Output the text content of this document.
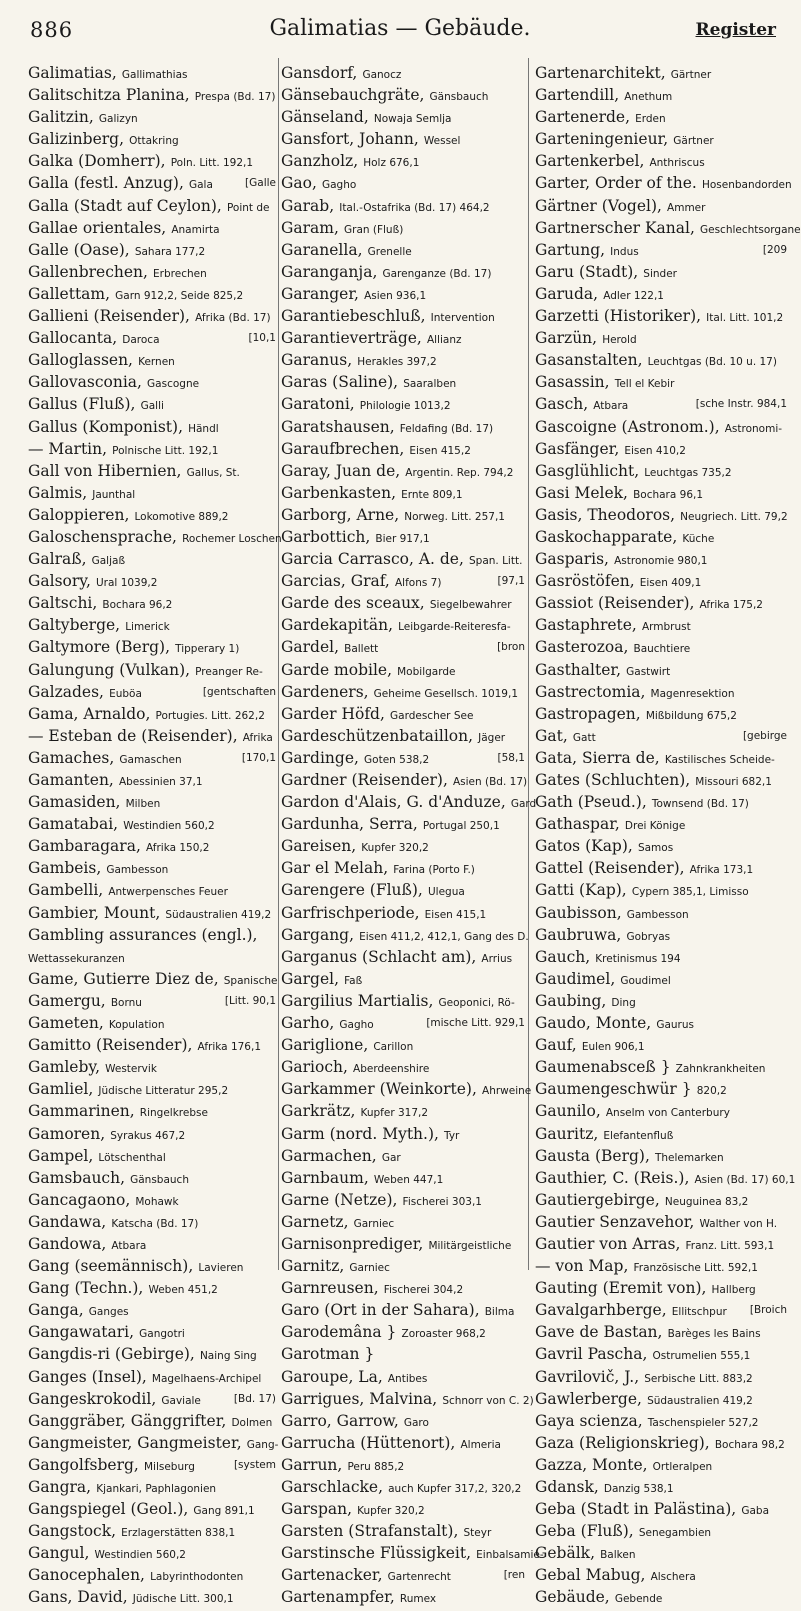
886	Galimatias — Gebäude.	Register
Galimatias, Gallimathias
Galitschitza Planina, Prespa (Bd. 17)
Galitzin, Galizyn
Galizinberg, Ottakring
Galka (Domherr), Poln. Litt. 192,1
[Galle
Galla (festl. Anzug), Gala
Galla (Stadt auf Ceylon), Point de
Gallae orientales, Anamirta
Galle (Oase), Sahara 177,2
Gallenbrechen, Erbrechen
Gallettam, Garn 912,2, Seide 825,2
Gallieni (Reisender), Afrika (Bd. 17)
[10,1
Gallocanta, Daroca
Galloglassen, Kernen
Gallovasconia, Gascogne
Gallus (Fluß), Galli
Gallus (Komponist), Händl
— Martin, Polnische Litt. 192,1
Gall von Hibernien, Gallus, St.
Galmis, Jaunthal
Galoppieren, Lokomotive 889,2
Galoschensprache, Rochemer Loschen
Galraß, Galjaß
Galsory, Ural 1039,2
Galtschi, Bochara 96,2
Galtyberge, Limerick
Galtymore (Berg), Tipperary 1)
Galungung (Vulkan), Preanger Re-
[gentschaften
Galzades, Euböa
Gama, Arnaldo, Portugies. Litt. 262,2
— Esteban de (Reisender), Afrika
[170,1
Gamaches, Gamaschen
Gamanten, Abessinien 37,1
Gamasiden, Milben
Gamatabai, Westindien 560,2
Gambaragara, Afrika 150,2
Gambeis, Gambesson
Gambelli, Antwerpensches Feuer
Gambier, Mount, Südaustralien 419,2
Gambling assurances (engl.),
Wettassekuranzen
Game, Gutierre Diez de, Spanische
[Litt. 90,1
Gamergu, Bornu
Gameten, Kopulation
Gamitto (Reisender), Afrika 176,1
Gamleby, Westervik
Gamliel, Jüdische Litteratur 295,2
Gammarinen, Ringelkrebse
Gamoren, Syrakus 467,2
Gampel, Lötschenthal
Gamsbauch, Gänsbauch
Gancagaono, Mohawk
Gandawa, Katscha (Bd. 17)
Gandowa, Atbara
Gang (seemännisch), Lavieren
Gang (Techn.), Weben 451,2
Ganga, Ganges
Gangawatari, Gangotri
Gangdis-ri (Gebirge), Naing Sing
Ganges (Insel), Magelhaens-Archipel
[Bd. 17)
Gangeskrokodil, Gaviale
Ganggräber, Gänggrifter, Dolmen
Gangmeister, Gangmeister, Gang-
[system
Gangolfsberg, Milseburg
Gangra, Kjankari, Paphlagonien
Gangspiegel (Geol.), Gang 891,1
Gangstock, Erzlagerstätten 838,1
Gangul, Westindien 560,2
Ganocephalen, Labyrinthodonten
Gans, David, Jüdische Litt. 300,1
Gansdorf, Ganocz
Gänsebauchgräte, Gänsbauch
Gänseland, Nowaja Semlja
Gansfort, Johann, Wessel
Ganzholz, Holz 676,1
Gao, Gagho
Garab, Ital.-Ostafrika (Bd. 17) 464,2
Garam, Gran (Fluß)
Garanella, Grenelle
Garanganja, Garenganze (Bd. 17)
Garanger, Asien 936,1
Garantiebeschluß, Intervention
Garantieverträge, Allianz
Garanus, Herakles 397,2
Garas (Saline), Saaralben
Garatoni, Philologie 1013,2
Garatshausen, Feldafing (Bd. 17)
Garaufbrechen, Eisen 415,2
Garay, Juan de, Argentin. Rep. 794,2
Garbenkasten, Ernte 809,1
Garborg, Arne, Norweg. Litt. 257,1
Garbottich, Bier 917,1
Garcia Carrasco, A. de, Span. Litt.
[97,1
Garcias, Graf, Alfons 7)
Garde des sceaux, Siegelbewahrer
Gardekapitän, Leibgarde-Reiteresfa-
[bron
Gardel, Ballett
Garde mobile, Mobilgarde
Gardeners, Geheime Gesellsch. 1019,1
Garder Höfd, Gardescher See
Gardeschützenbataillon, Jäger
[58,1
Gardinge, Goten 538,2
Gardner (Reisender), Asien (Bd. 17)
Gardon d'Alais, G. d'Anduze, Gard
Gardunha, Serra, Portugal 250,1
Gareisen, Kupfer 320,2
Gar el Melah, Farina (Porto F.)
Garengere (Fluß), Ulegua
Garfrischperiode, Eisen 415,1
Gargang, Eisen 411,2, 412,1, Gang des D.
Garganus (Schlacht am), Arrius
Gargel, Faß
Gargilius Martialis, Geoponici, Rö-
[mische Litt. 929,1
Garho, Gagho
Gariglione, Carillon
Garioch, Aberdeenshire
Garkammer (Weinkorte), Ahrweine
Garkrätz, Kupfer 317,2
Garm (nord. Myth.), Tyr
Garmachen, Gar
Garnbaum, Weben 447,1
Garne (Netze), Fischerei 303,1
Garnetz, Garniec
Garnisonprediger, Militärgeistliche
Garnitz, Garniec
Garnreusen, Fischerei 304,2
Garo (Ort in der Sahara), Bilma
Garodemâna } Zoroaster 968,2
Garotman }
Garoupe, La, Antibes
Garrigues, Malvina, Schnorr von C. 2)
Garro, Garrow, Garo
Garrucha (Hüttenort), Almeria
Garrun, Peru 885,2
Garschlacke, auch Kupfer 317,2, 320,2
Garspan, Kupfer 320,2
Garsten (Strafanstalt), Steyr
Garstinsche Flüssigkeit, Einbalsamie-
[ren
Gartenacker, Gartenrecht
Gartenampfer, Rumex
Gartenarchitekt, Gärtner
Gartendill, Anethum
Gartenerde, Erden
Garteningenieur, Gärtner
Gartenkerbel, Anthriscus
Garter, Order of the. Hosenbandorden
Gärtner (Vogel), Ammer
Gartnerscher Kanal, Geschlechtsorgane
[209
Gartung, Indus
Garu (Stadt), Sinder
Garuda, Adler 122,1
Garzetti (Historiker), Ital. Litt. 101,2
Garzün, Herold
Gasanstalten, Leuchtgas (Bd. 10 u. 17)
Gasassin, Tell el Kebir
[sche Instr. 984,1
Gasch, Atbara
Gascoigne (Astronom.), Astronomi-
Gasfänger, Eisen 410,2
Gasglühlicht, Leuchtgas 735,2
Gasi Melek, Bochara 96,1
Gasis, Theodoros, Neugriech. Litt. 79,2
Gaskochapparate, Küche
Gasparis, Astronomie 980,1
Gasröstöfen, Eisen 409,1
Gassiot (Reisender), Afrika 175,2
Gastaphrete, Armbrust
Gasterozoa, Bauchtiere
Gasthalter, Gastwirt
Gastrectomia, Magenresektion
Gastropagen, Mißbildung 675,2
[gebirge
Gat, Gatt
Gata, Sierra de, Kastilisches Scheide-
Gates (Schluchten), Missouri 682,1
Gath (Pseud.), Townsend (Bd. 17)
Gathaspar, Drei Könige
Gatos (Kap), Samos
Gattel (Reisender), Afrika 173,1
Gatti (Kap), Cypern 385,1, Limisso
Gaubisson, Gambesson
Gaubruwa, Gobryas
Gauch, Kretinismus 194
Gaudimel, Goudimel
Gaubing, Ding
Gaudo, Monte, Gaurus
Gauf, Eulen 906,1
Gaumenabsceß } Zahnkrankheiten
Gaumengeschwür } 820,2
Gaunilo, Anselm von Canterbury
Gauritz, Elefantenfluß
Gausta (Berg), Thelemarken
Gauthier, C. (Reis.), Asien (Bd. 17) 60,1
Gautiergebirge, Neuguinea 83,2
Gautier Senzavehor, Walther von H.
Gautier von Arras, Franz. Litt. 593,1
— von Map, Französische Litt. 592,1
Gauting (Eremit von), Hallberg
[Broich
Gavalgarhberge, Ellitschpur
Gave de Bastan, Barèges les Bains
Gavril Pascha, Ostrumelien 555,1
Gavrilovič, J., Serbische Litt. 883,2
Gawlerberge, Südaustralien 419,2
Gaya scienza, Taschenspieler 527,2
Gaza (Religionskrieg), Bochara 98,2
Gazza, Monte, Ortleralpen
Gdansk, Danzig 538,1
Geba (Stadt in Palästina), Gaba
Geba (Fluß), Senegambien
Gebälk, Balken
Gebal Mabug, Alschera
Gebäude, Gebende
